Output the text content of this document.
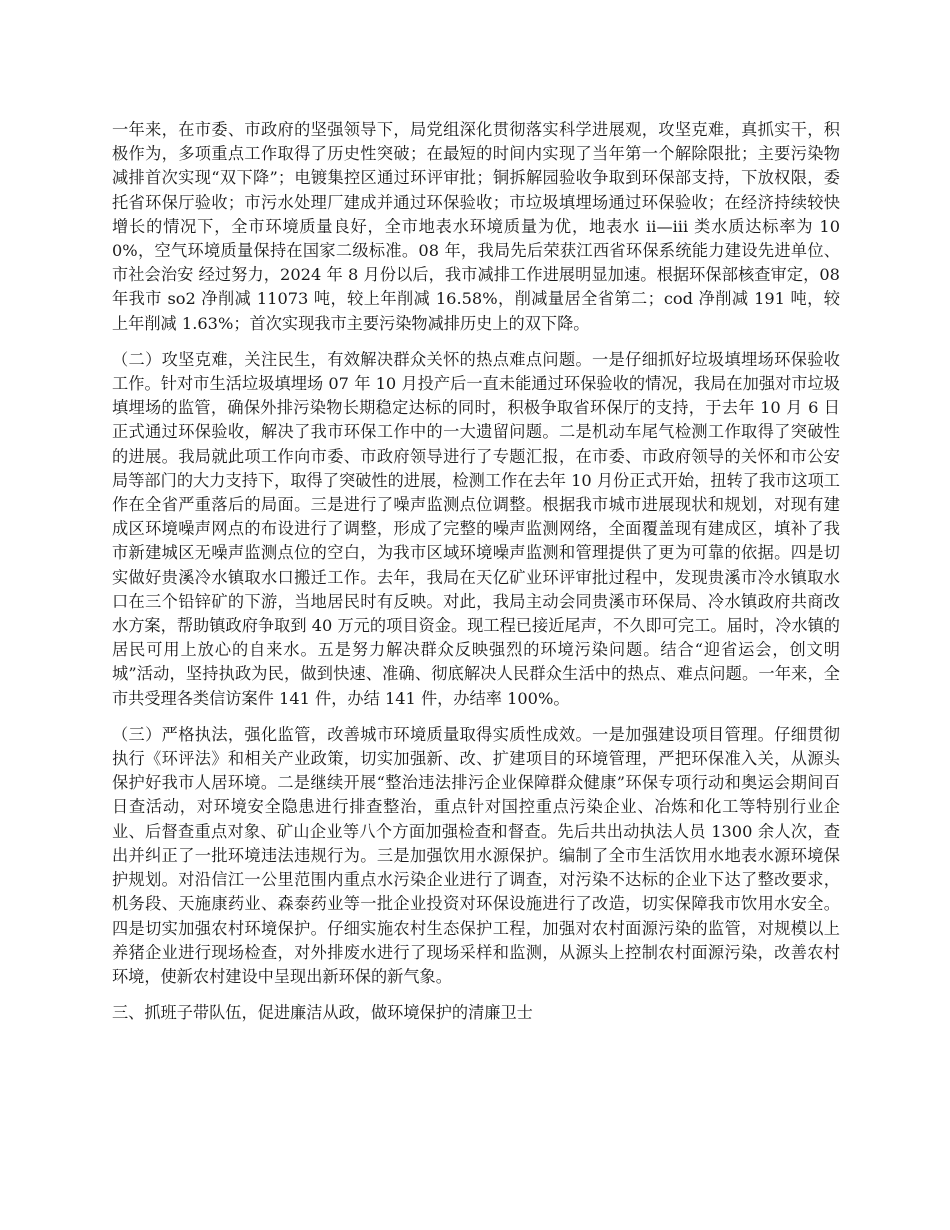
一年来，在市委、市政府的坚强领导下，局党组深化贯彻落实科学进展观，攻坚克难，真抓实干，积极作为，多项重点工作取得了历史性突破；在最短的时间内实现了当年第一个解除限批；主要污染物减排首次实现“双下降”；电镀集控区通过环评审批；铜拆解园验收争取到环保部支持，下放权限，委托省环保厅验收；市污水处理厂建成并通过环保验收；市垃圾填埋场通过环保验收；在经济持续较快增长的情况下，全市环境质量良好，全市地表水环境质量为优，地表水 ii—iii 类水质达标率为 100%，空气环境质量保持在国家二级标准。08 年，我局先后荣获江西省环保系统能力建设先进单位、市社会治安 经过努力，2024 年 8 月份以后，我市减排工作进展明显加速。根据环保部核查审定，08 年我市 so2 净削减 11073 吨，较上年削减 16.58%，削减量居全省第二；cod 净削减 191 吨，较上年削减 1.63%；首次实现我市主要污染物减排历史上的双下降。

（二）攻坚克难，关注民生，有效解决群众关怀的热点难点问题。一是仔细抓好垃圾填埋场环保验收工作。针对市生活垃圾填埋场 07 年 10 月投产后一直未能通过环保验收的情况，我局在加强对市垃圾填埋场的监管，确保外排污染物长期稳定达标的同时，积极争取省环保厅的支持，于去年 10 月 6 日正式通过环保验收，解决了我市环保工作中的一大遗留问题。二是机动车尾气检测工作取得了突破性的进展。我局就此项工作向市委、市政府领导进行了专题汇报，在市委、市政府领导的关怀和市公安局等部门的大力支持下，取得了突破性的进展，检测工作在去年 10 月份正式开始，扭转了我市这项工作在全省严重落后的局面。三是进行了噪声监测点位调整。根据我市城市进展现状和规划，对现有建成区环境噪声网点的布设进行了调整，形成了完整的噪声监测网络，全面覆盖现有建成区，填补了我市新建城区无噪声监测点位的空白，为我市区域环境噪声监测和管理提供了更为可靠的依据。四是切实做好贵溪冷水镇取水口搬迁工作。去年，我局在天亿矿业环评审批过程中，发现贵溪市冷水镇取水口在三个铅锌矿的下游，当地居民时有反映。对此，我局主动会同贵溪市环保局、冷水镇政府共商改水方案，帮助镇政府争取到 40 万元的项目资金。现工程已接近尾声，不久即可完工。届时，冷水镇的居民可用上放心的自来水。五是努力解决群众反映强烈的环境污染问题。结合“迎省运会，创文明城”活动，坚持执政为民，做到快速、准确、彻底解决人民群众生活中的热点、难点问题。一年来，全市共受理各类信访案件 141 件，办结 141 件，办结率 100%。

（三）严格执法，强化监管，改善城市环境质量取得实质性成效。一是加强建设项目管理。仔细贯彻执行《环评法》和相关产业政策，切实加强新、改、扩建项目的环境管理，严把环保准入关，从源头保护好我市人居环境。二是继续开展“整治违法排污企业保障群众健康”环保专项行动和奥运会期间百日查活动，对环境安全隐患进行排查整治，重点针对国控重点污染企业、冶炼和化工等特别行业企业、后督查重点对象、矿山企业等八个方面加强检查和督查。先后共出动执法人员 1300 余人次，查出并纠正了一批环境违法违规行为。三是加强饮用水源保护。编制了全市生活饮用水地表水源环境保护规划。对沿信江一公里范围内重点水污染企业进行了调查，对污染不达标的企业下达了整改要求，机务段、天施康药业、森泰药业等一批企业投资对环保设施进行了改造，切实保障我市饮用水安全。四是切实加强农村环境保护。仔细实施农村生态保护工程，加强对农村面源污染的监管，对规模以上养猪企业进行现场检查，对外排废水进行了现场采样和监测，从源头上控制农村面源污染，改善农村环境，使新农村建设中呈现出新环保的新气象。

三、抓班子带队伍，促进廉洁从政，做环境保护的清廉卫士
